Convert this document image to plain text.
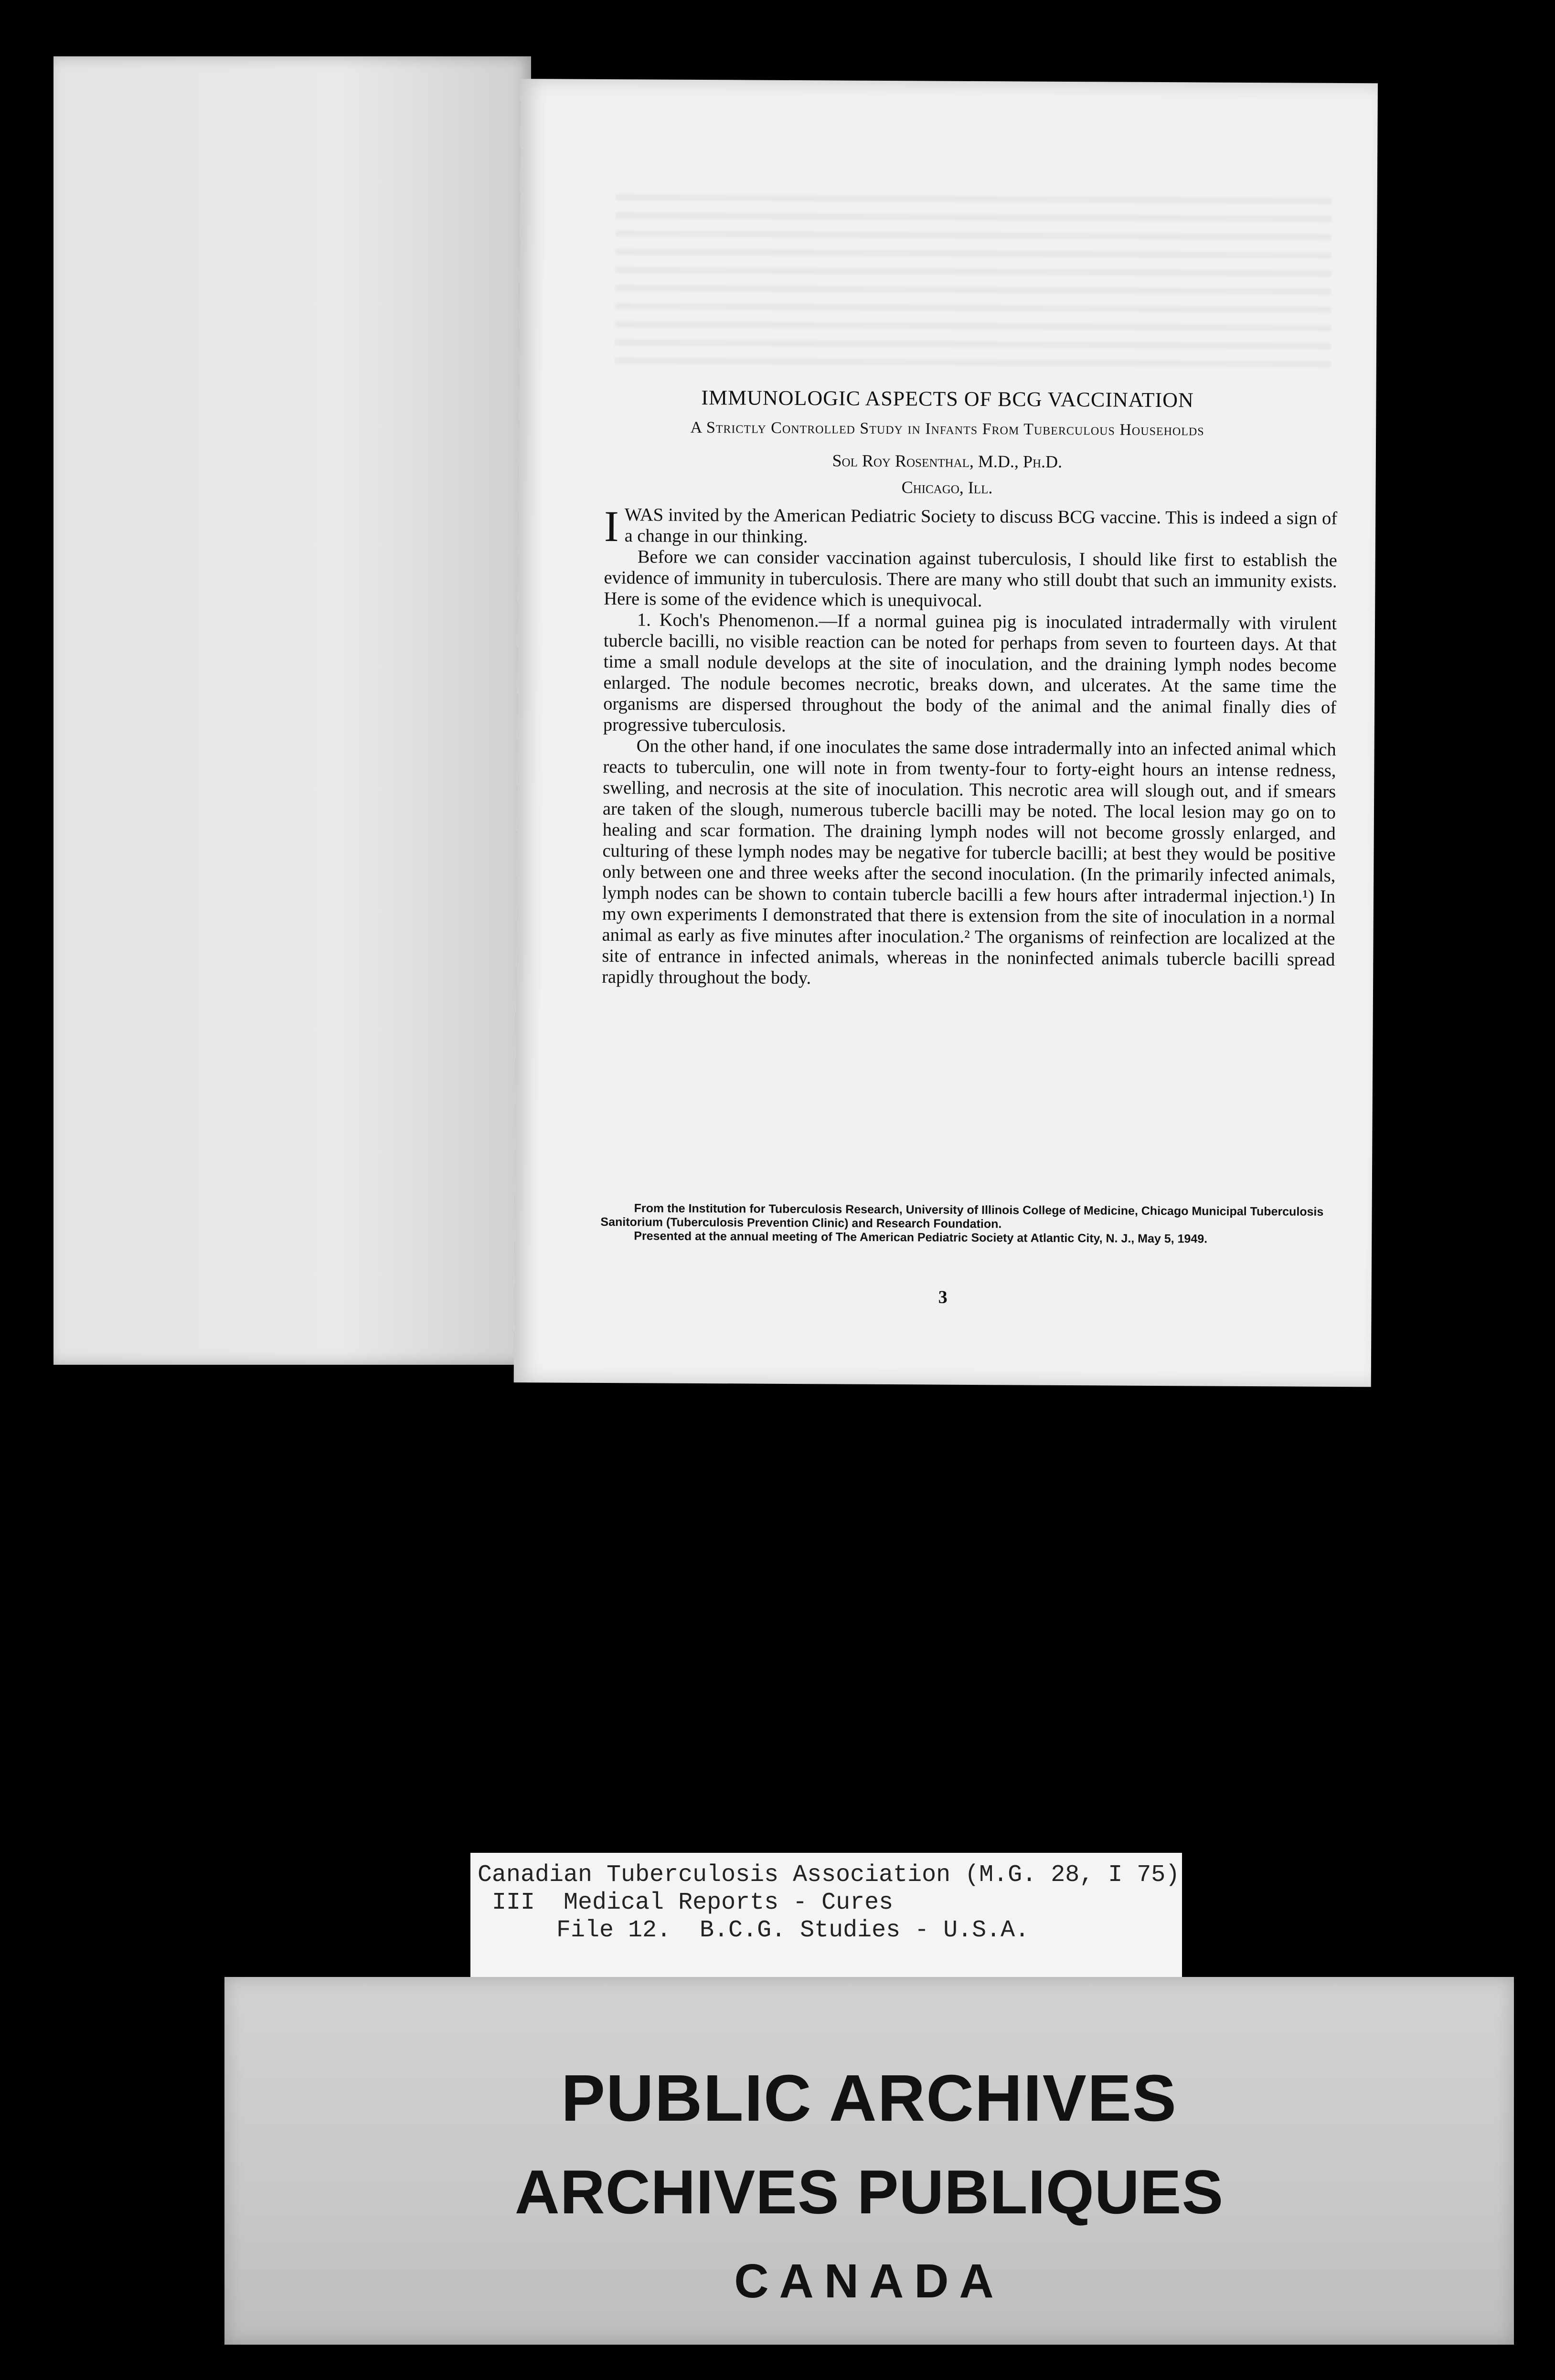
IMMUNOLOGIC ASPECTS OF BCG VACCINATION
A Strictly Controlled Study in Infants From Tuberculous Households
Sol Roy Rosenthal, M.D., Ph.D.
Chicago, Ill.

I WAS invited by the American Pediatric Society to discuss BCG vaccine. This is indeed a sign of a change in our thinking.

Before we can consider vaccination against tuberculosis, I should like first to establish the evidence of immunity in tuberculosis. There are many who still doubt that such an immunity exists. Here is some of the evidence which is unequivocal.

1. Koch's Phenomenon.—If a normal guinea pig is inoculated intradermally with virulent tubercle bacilli, no visible reaction can be noted for perhaps from seven to fourteen days. At that time a small nodule develops at the site of inoculation, and the draining lymph nodes become enlarged. The nodule becomes necrotic, breaks down, and ulcerates. At the same time the organisms are dispersed throughout the body of the animal and the animal finally dies of progressive tuberculosis.

On the other hand, if one inoculates the same dose intradermally into an infected animal which reacts to tuberculin, one will note in from twenty-four to forty-eight hours an intense redness, swelling, and necrosis at the site of inoculation. This necrotic area will slough out, and if smears are taken of the slough, numerous tubercle bacilli may be noted. The local lesion may go on to healing and scar formation. The draining lymph nodes will not become grossly enlarged, and culturing of these lymph nodes may be negative for tubercle bacilli; at best they would be positive only between one and three weeks after the second inoculation. (In the primarily infected animals, lymph nodes can be shown to contain tubercle bacilli a few hours after intradermal injection.¹) In my own experiments I demonstrated that there is extension from the site of inoculation in a normal animal as early as five minutes after inoculation.² The organisms of reinfection are localized at the site of entrance in infected animals, whereas in the noninfected animals tubercle bacilli spread rapidly throughout the body.

From the Institution for Tuberculosis Research, University of Illinois College of Medicine, Chicago Municipal Tuberculosis Sanitorium (Tuberculosis Prevention Clinic) and Research Foundation.

Presented at the annual meeting of The American Pediatric Society at Atlantic City, N. J., May 5, 1949.

3
Canadian Tuberculosis Association (M.G. 28, I 75)
III  Medical Reports - Cures
File 12.  B.C.G. Studies - U.S.A.
PUBLIC ARCHIVES
ARCHIVES PUBLIQUES
CANADA
